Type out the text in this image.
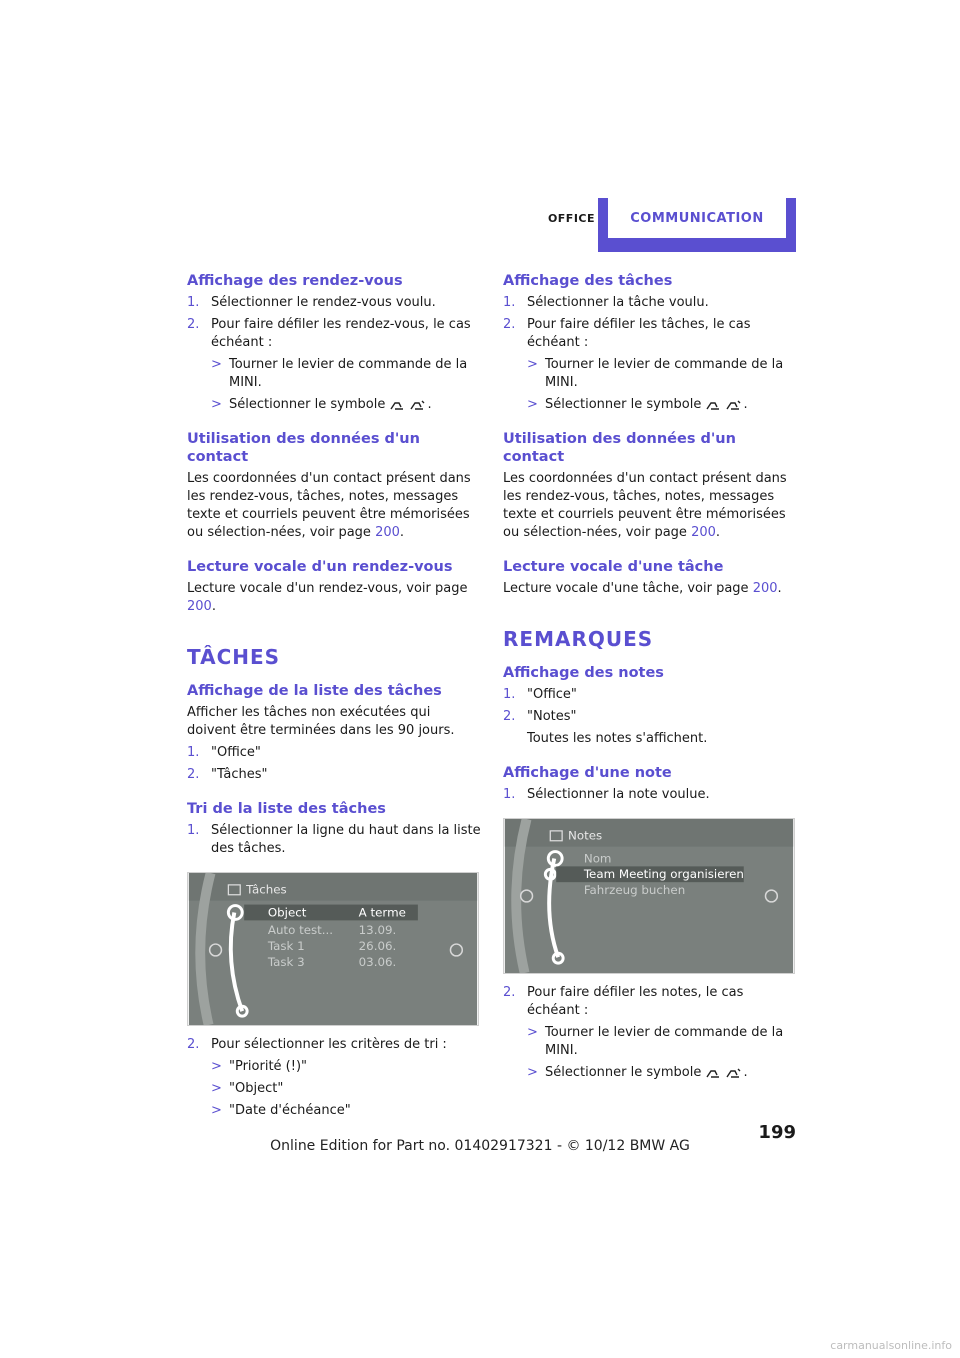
OFFICE	COMMUNICATION
Affichage des rendez-vous
1. Sélectionner le rendez-vous voulu.
2. Pour faire défiler les rendez-vous, le cas échéant :
> Tourner le levier de commande de la MINI.
> Sélectionner le symbole	.
Utilisation des données d'un contact

Les coordonnées d'un contact présent dans les rendez-vous, tâches, notes, messages texte et courriels peuvent être mémorisées ou sélection-nées, voir page 200.

Lecture vocale d'un rendez-vous

Lecture vocale d'un rendez-vous, voir page 200.

TÂCHES
Affichage de la liste des tâches

Afficher les tâches non exécutées qui doivent être terminées dans les 90 jours.

1. "Office"
2. "Tâches"
Tri de la liste des tâches
1. Sélectionner la ligne du haut dans la liste des tâches.
Tâches
Object	A terme
Auto test... 13.09.
Task 1	26.06.
Task 3	03.06.
2. Pour sélectionner les critères de tri :
> "Priorité (!)"
> "Object"
> "Date d'échéance"
Affichage des tâches
1. Sélectionner la tâche voulu.
2. Pour faire défiler les tâches, le cas échéant :
> Tourner le levier de commande de la MINI.
> Sélectionner le symbole	.
Utilisation des données d'un contact

Les coordonnées d'un contact présent dans les rendez-vous, tâches, notes, messages texte et courriels peuvent être mémorisées ou sélection-nées, voir page 200.

Lecture vocale d'une tâche

Lecture vocale d'une tâche, voir page 200.

REMARQUES
Affichage des notes
1. "Office"
2. "Notes"

Toutes les notes s'affichent.

Affichage d'une note
1. Sélectionner la note voulue.
Notes
Nom
Team Meeting organisieren
Fahrzeug buchen
2. Pour faire défiler les notes, le cas échéant :
> Tourner le levier de commande de la MINI.
> Sélectionner le symbole	.
199
Online Edition for Part no. 01402917321 - © 10/12 BMW AG
carmanualsonline.info
